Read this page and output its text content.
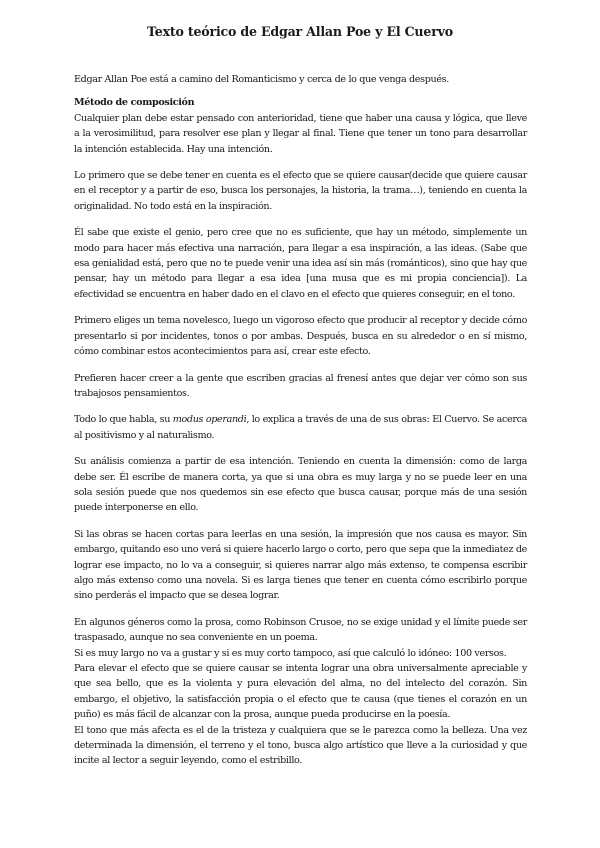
Texto teórico de Edgar Allan Poe y El Cuervo

Edgar Allan Poe está a camino del Romanticismo y cerca de lo que venga después.

Método de composición

Cualquier plan debe estar pensado con anterioridad, tiene que haber una causa y lógica, que lleve a la verosimilitud, para resolver ese plan y llegar al final. Tiene que tener un tono para desarrollar la intención establecida. Hay una intención.

Lo primero que se debe tener en cuenta es el efecto que se quiere causar(decide que quiere causar en el receptor y a partir de eso, busca los personajes, la historia, la trama…), teniendo en cuenta la originalidad. No todo está en la inspiración.

Él sabe que existe el genio, pero cree que no es suficiente, que hay un método, simplemente un modo para hacer más efectiva una narración, para llegar a esa inspiración, a las ideas. (Sabe que esa genialidad está, pero que no te puede venir una idea así sin más (románticos), sino que hay que pensar, hay un método para llegar a esa idea [una musa que es mi propia conciencia]). La efectividad se encuentra en haber dado en el clavo en el efecto que quieres conseguir, en el tono.

Primero eliges un tema novelesco, luego un vigoroso efecto que producir al receptor y decide cómo presentarlo si por incidentes, tonos o por ambas. Después, busca en su alrededor o en sí mismo, cómo combinar estos acontecimientos para así, crear este efecto.

Prefieren hacer creer a la gente que escriben gracias al frenesí antes que dejar ver cómo son sus trabajosos pensamientos.

Todo lo que habla, su modus operandi, lo explica a través de una de sus obras: El Cuervo. Se acerca al positivismo y al naturalismo.

Su análisis comienza a partir de esa intención. Teniendo en cuenta la dimensión: como de larga debe ser. Él escribe de manera corta, ya que si una obra es muy larga y no se puede leer en una sola sesión puede que nos quedemos sin ese efecto que busca causar, porque más de una sesión puede interponerse en ello.

Si las obras se hacen cortas para leerlas en una sesión, la impresión que nos causa es mayor. Sin embargo, quitando eso uno verá si quiere hacerlo largo o corto, pero que sepa que la inmediatez de lograr ese impacto, no lo va a conseguir, si quieres narrar algo más extenso, te compensa escribir algo más extenso como una novela. Si es larga tienes que tener en cuenta cómo escribirlo porque sino perderás el impacto que se desea lograr.

En algunos géneros como la prosa, como Robinson Crusoe, no se exige unidad y el límite puede ser traspasado, aunque no sea conveniente en un poema.

Si es muy largo no va a gustar y si es muy corto tampoco, así que calculó lo idóneo: 100 versos.

Para elevar el efecto que se quiere causar se intenta lograr una obra universalmente apreciable y que sea bello, que es la violenta y pura elevación del alma, no del intelecto del corazón. Sin embargo, el objetivo, la satisfacción propia o el efecto que te causa (que tienes el corazón en un puño) es más fácil de alcanzar con la prosa, aunque pueda producirse en la poesía.

El tono que más afecta es el de la tristeza y cualquiera que se le parezca como la belleza. Una vez determinada la dimensión, el terreno y el tono, busca algo artístico que lleve a la curiosidad y que incite al lector a seguir leyendo, como el estribillo.
